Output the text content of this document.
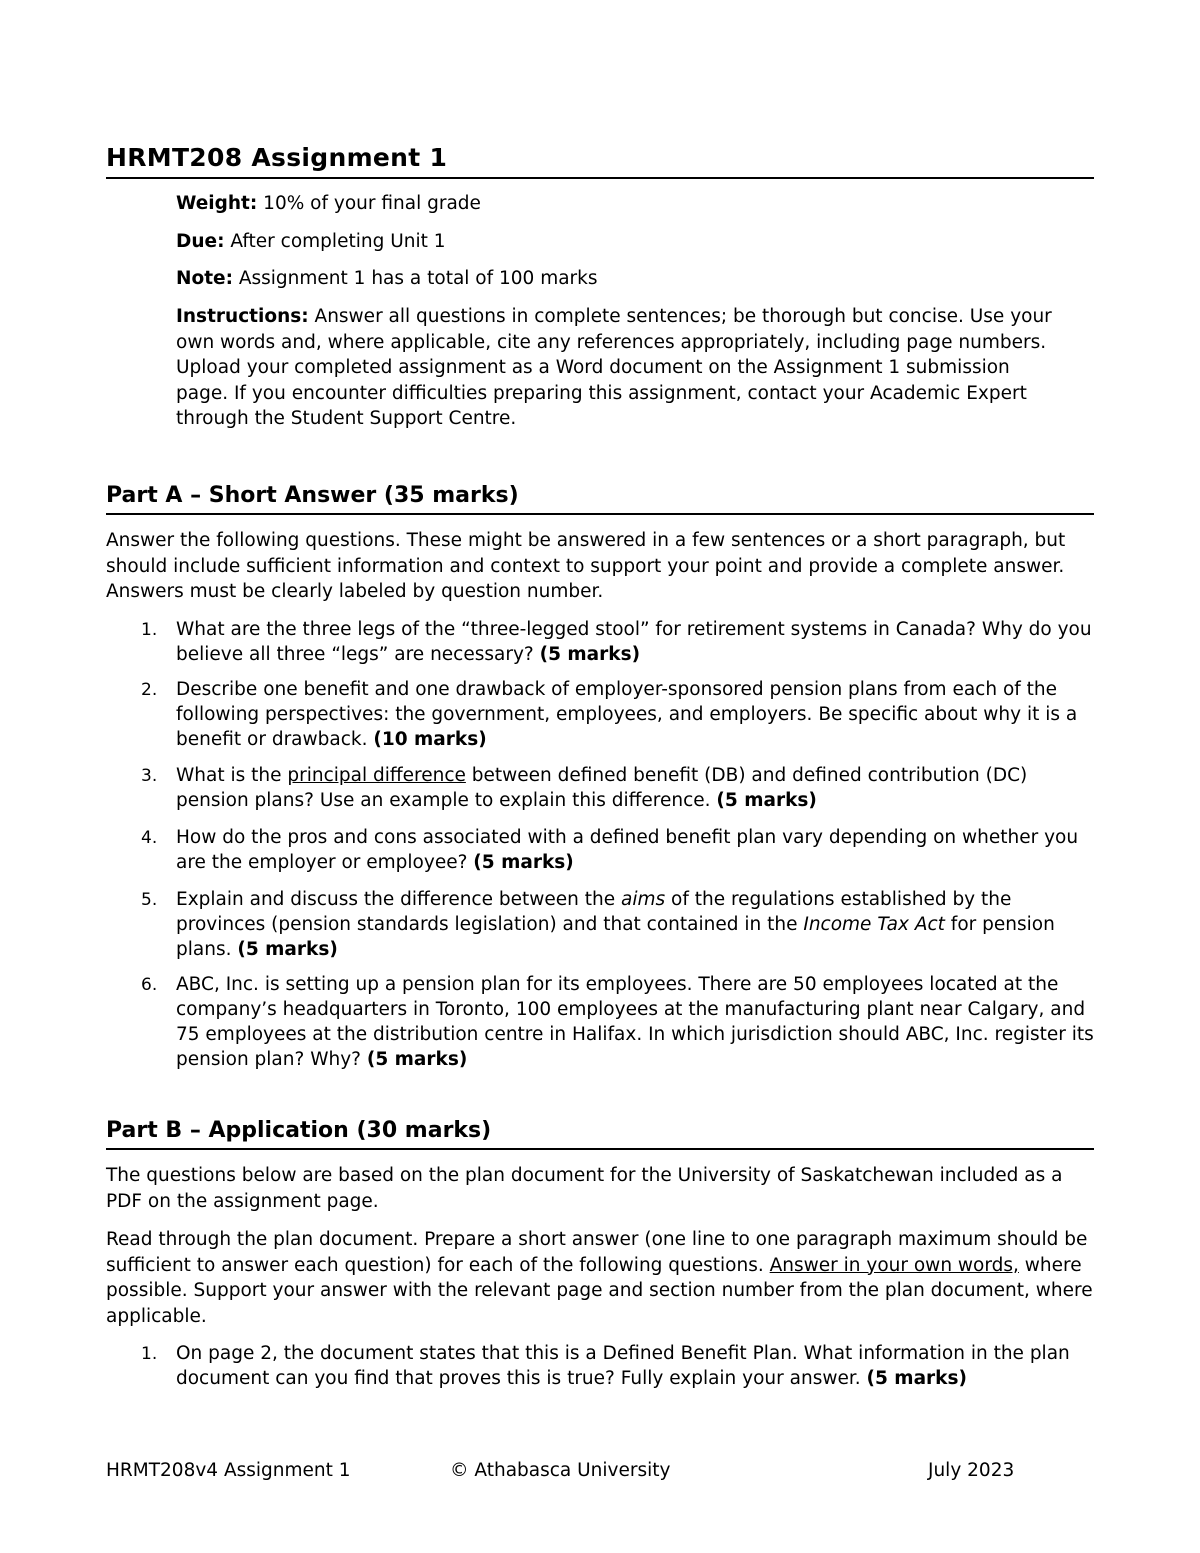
HRMT208 Assignment 1
Weight: 10% of your final grade
Due: After completing Unit 1
Note: Assignment 1 has a total of 100 marks
Instructions: Answer all questions in complete sentences; be thorough but concise. Use your own words and, where applicable, cite any references appropriately, including page numbers. Upload your completed assignment as a Word document on the Assignment 1 submission page. If you encounter difficulties preparing this assignment, contact your Academic Expert through the Student Support Centre.
Part A – Short Answer (35 marks)
Answer the following questions. These might be answered in a few sentences or a short paragraph, but should include sufficient information and context to support your point and provide a complete answer. Answers must be clearly labeled by question number.
1.	What are the three legs of the “three-legged stool” for retirement systems in Canada? Why do you believe all three “legs” are necessary? (5 marks)
2.	Describe one benefit and one drawback of employer-sponsored pension plans from each of the following perspectives: the government, employees, and employers. Be specific about why it is a benefit or drawback. (10 marks)
3.	What is the principal difference between defined benefit (DB) and defined contribution (DC) pension plans? Use an example to explain this difference. (5 marks)
4.	How do the pros and cons associated with a defined benefit plan vary depending on whether you are the employer or employee? (5 marks)
5.	Explain and discuss the difference between the aims of the regulations established by the provinces (pension standards legislation) and that contained in the Income Tax Act for pension plans. (5 marks)
6.	ABC, Inc. is setting up a pension plan for its employees. There are 50 employees located at the company’s headquarters in Toronto, 100 employees at the manufacturing plant near Calgary, and 75 employees at the distribution centre in Halifax. In which jurisdiction should ABC, Inc. register its pension plan? Why? (5 marks)
Part B – Application (30 marks)
The questions below are based on the plan document for the University of Saskatchewan included as a PDF on the assignment page.
Read through the plan document. Prepare a short answer (one line to one paragraph maximum should be sufficient to answer each question) for each of the following questions. Answer in your own words, where possible. Support your answer with the relevant page and section number from the plan document, where applicable.
1.	On page 2, the document states that this is a Defined Benefit Plan. What information in the plan document can you find that proves this is true? Fully explain your answer. (5 marks)
HRMT208v4 Assignment 1	© Athabasca University	July 2023
